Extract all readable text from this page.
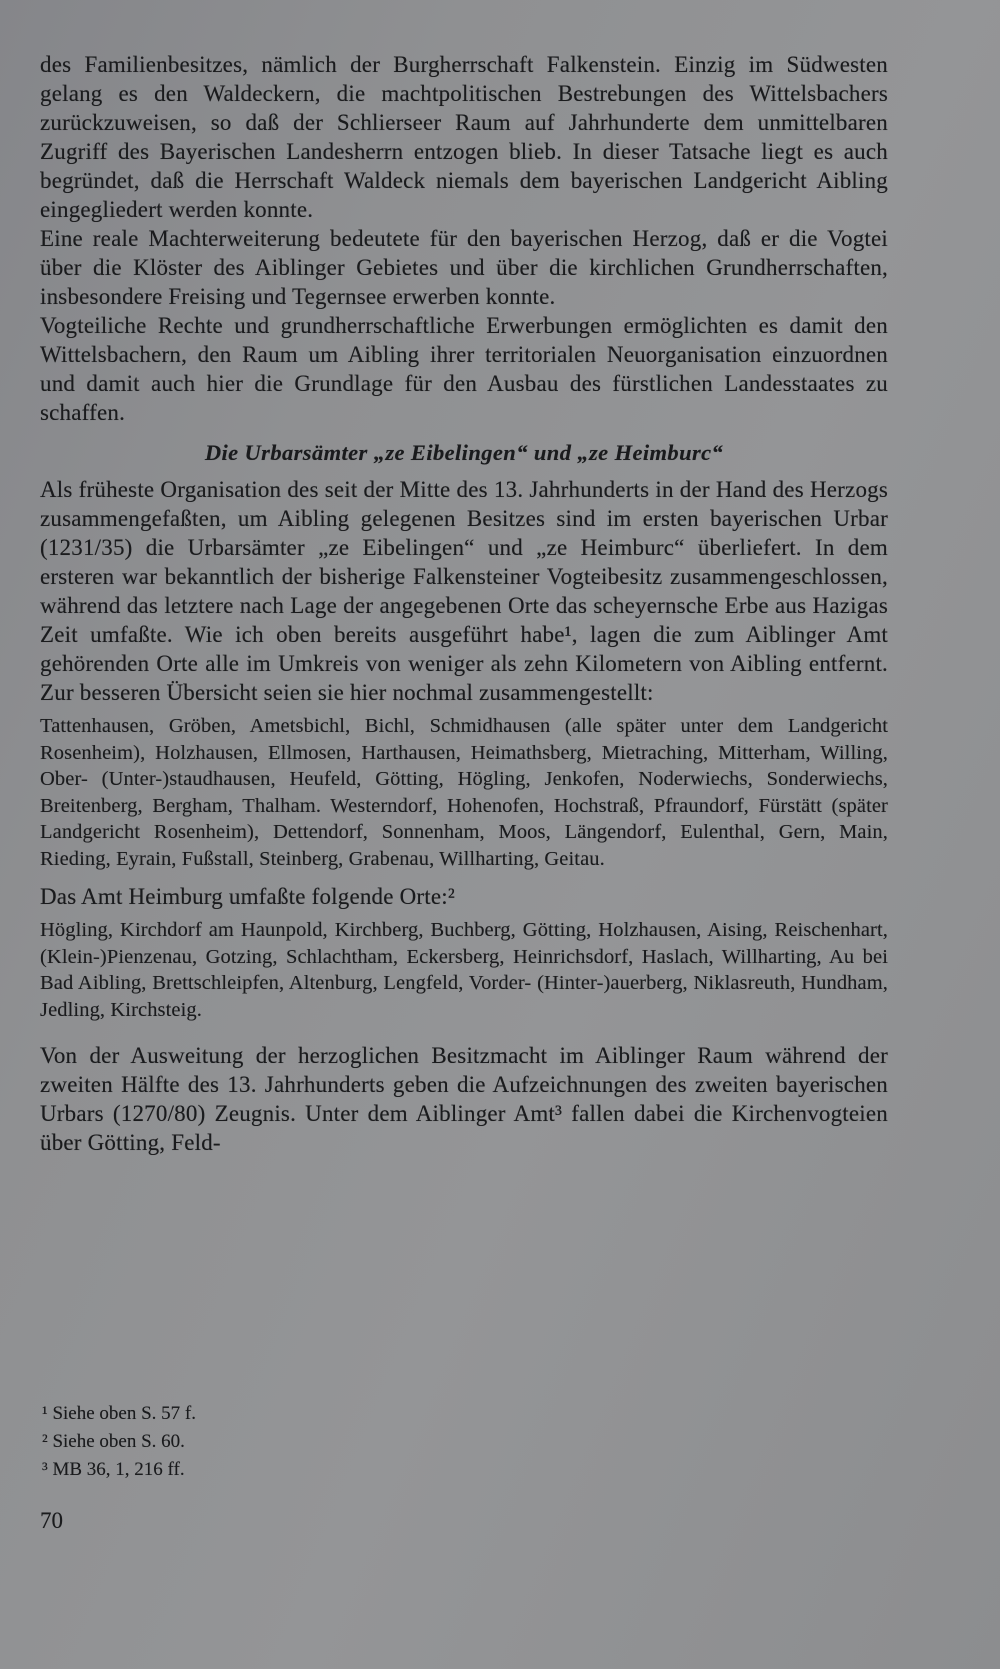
des Familienbesitzes, nämlich der Burgherrschaft Falkenstein. Einzig im Südwesten gelang es den Waldeckern, die machtpolitischen Bestrebungen des Wittelsbachers zurückzuweisen, so daß der Schlierseer Raum auf Jahrhunderte dem unmittelbaren Zugriff des Bayerischen Landesherrn entzogen blieb. In dieser Tatsache liegt es auch begründet, daß die Herrschaft Waldeck niemals dem bayerischen Landgericht Aibling eingegliedert werden konnte.

Eine reale Machterweiterung bedeutete für den bayerischen Herzog, daß er die Vogtei über die Klöster des Aiblinger Gebietes und über die kirchlichen Grundherrschaften, insbesondere Freising und Tegernsee erwerben konnte.

Vogteiliche Rechte und grundherrschaftliche Erwerbungen ermöglichten es damit den Wittelsbachern, den Raum um Aibling ihrer territorialen Neuorganisation einzuordnen und damit auch hier die Grundlage für den Ausbau des fürstlichen Landesstaates zu schaffen.

Die Urbarsämter „ze Eibelingen“ und „ze Heimburc“

Als früheste Organisation des seit der Mitte des 13. Jahrhunderts in der Hand des Herzogs zusammengefaßten, um Aibling gelegenen Besitzes sind im ersten bayerischen Urbar (1231/35) die Urbarsämter „ze Eibelingen“ und „ze Heimburc“ überliefert. In dem ersteren war bekanntlich der bisherige Falkensteiner Vogteibesitz zusammengeschlossen, während das letztere nach Lage der angegebenen Orte das scheyernsche Erbe aus Hazigas Zeit umfaßte. Wie ich oben bereits ausgeführt habe¹, lagen die zum Aiblinger Amt gehörenden Orte alle im Umkreis von weniger als zehn Kilometern von Aibling entfernt. Zur besseren Übersicht seien sie hier nochmal zusammengestellt:

Tattenhausen, Gröben, Ametsbichl, Bichl, Schmidhausen (alle später unter dem Landgericht Rosenheim), Holzhausen, Ellmosen, Harthausen, Heimathsberg, Mietraching, Mitterham, Willing, Ober- (Unter-)staudhausen, Heufeld, Götting, Högling, Jenkofen, Noderwiechs, Sonderwiechs, Breitenberg, Bergham, Thalham. Westerndorf, Hohenofen, Hochstraß, Pfraundorf, Fürstätt (später Landgericht Rosenheim), Dettendorf, Sonnenham, Moos, Längendorf, Eulenthal, Gern, Main, Rieding, Eyrain, Fußstall, Steinberg, Grabenau, Willharting, Geitau.

Das Amt Heimburg umfaßte folgende Orte:²

Högling, Kirchdorf am Haunpold, Kirchberg, Buchberg, Götting, Holzhausen, Aising, Reischenhart, (Klein-)Pienzenau, Gotzing, Schlachtham, Eckersberg, Heinrichsdorf, Haslach, Willharting, Au bei Bad Aibling, Brettschleipfen, Altenburg, Lengfeld, Vorder- (Hinter-)auerberg, Niklasreuth, Hundham, Jedling, Kirchsteig.

Von der Ausweitung der herzoglichen Besitzmacht im Aiblinger Raum während der zweiten Hälfte des 13. Jahrhunderts geben die Aufzeichnungen des zweiten bayerischen Urbars (1270/80) Zeugnis. Unter dem Aiblinger Amt³ fallen dabei die Kirchenvogteien über Götting, Feld-

¹ Siehe oben S. 57 f.
² Siehe oben S. 60.
³ MB 36, 1, 216 ff.
70
